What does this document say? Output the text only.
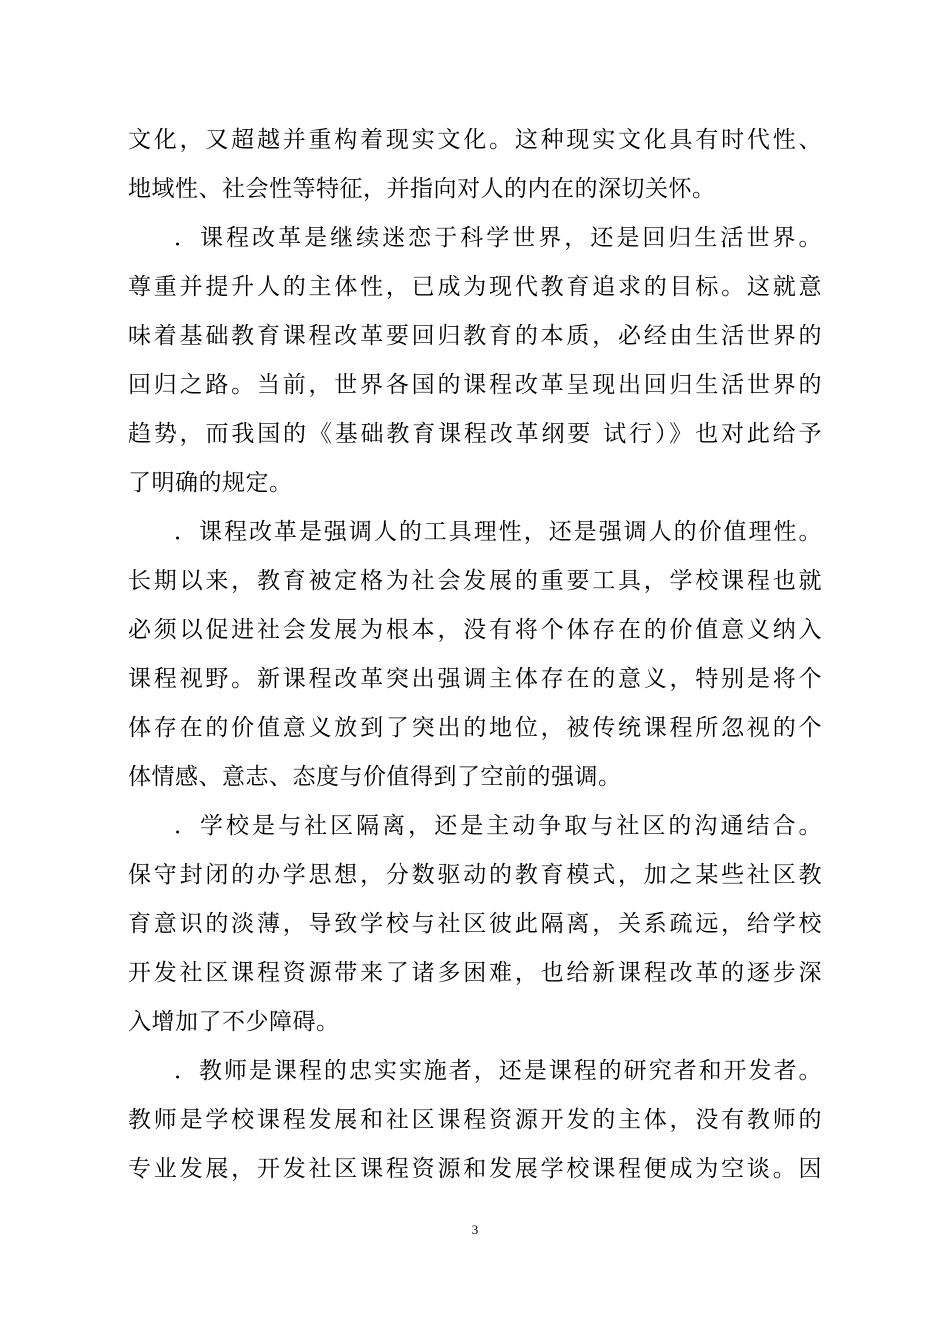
文化，又超越并重构着现实文化。这种现实文化具有时代性、
地域性、社会性等特征，并指向对人的内在的深切关怀。
．课程改革是继续迷恋于科学世界，还是回归生活世界。
尊重并提升人的主体性，已成为现代教育追求的目标。这就意
味着基础教育课程改革要回归教育的本质，必经由生活世界的
回归之路。当前，世界各国的课程改革呈现出回归生活世界的
趋势，而我国的《基础教育课程改革纲要 试行）》也对此给予
了明确的规定。
．课程改革是强调人的工具理性，还是强调人的价值理性。
长期以来，教育被定格为社会发展的重要工具，学校课程也就
必须以促进社会发展为根本，没有将个体存在的价值意义纳入
课程视野。新课程改革突出强调主体存在的意义，特别是将个
体存在的价值意义放到了突出的地位，被传统课程所忽视的个
体情感、意志、态度与价值得到了空前的强调。
．学校是与社区隔离，还是主动争取与社区的沟通结合。
保守封闭的办学思想，分数驱动的教育模式，加之某些社区教
育意识的淡薄，导致学校与社区彼此隔离，关系疏远，给学校
开发社区课程资源带来了诸多困难，也给新课程改革的逐步深
入增加了不少障碍。
．教师是课程的忠实实施者，还是课程的研究者和开发者。
教师是学校课程发展和社区课程资源开发的主体，没有教师的
专业发展，开发社区课程资源和发展学校课程便成为空谈。因
3
